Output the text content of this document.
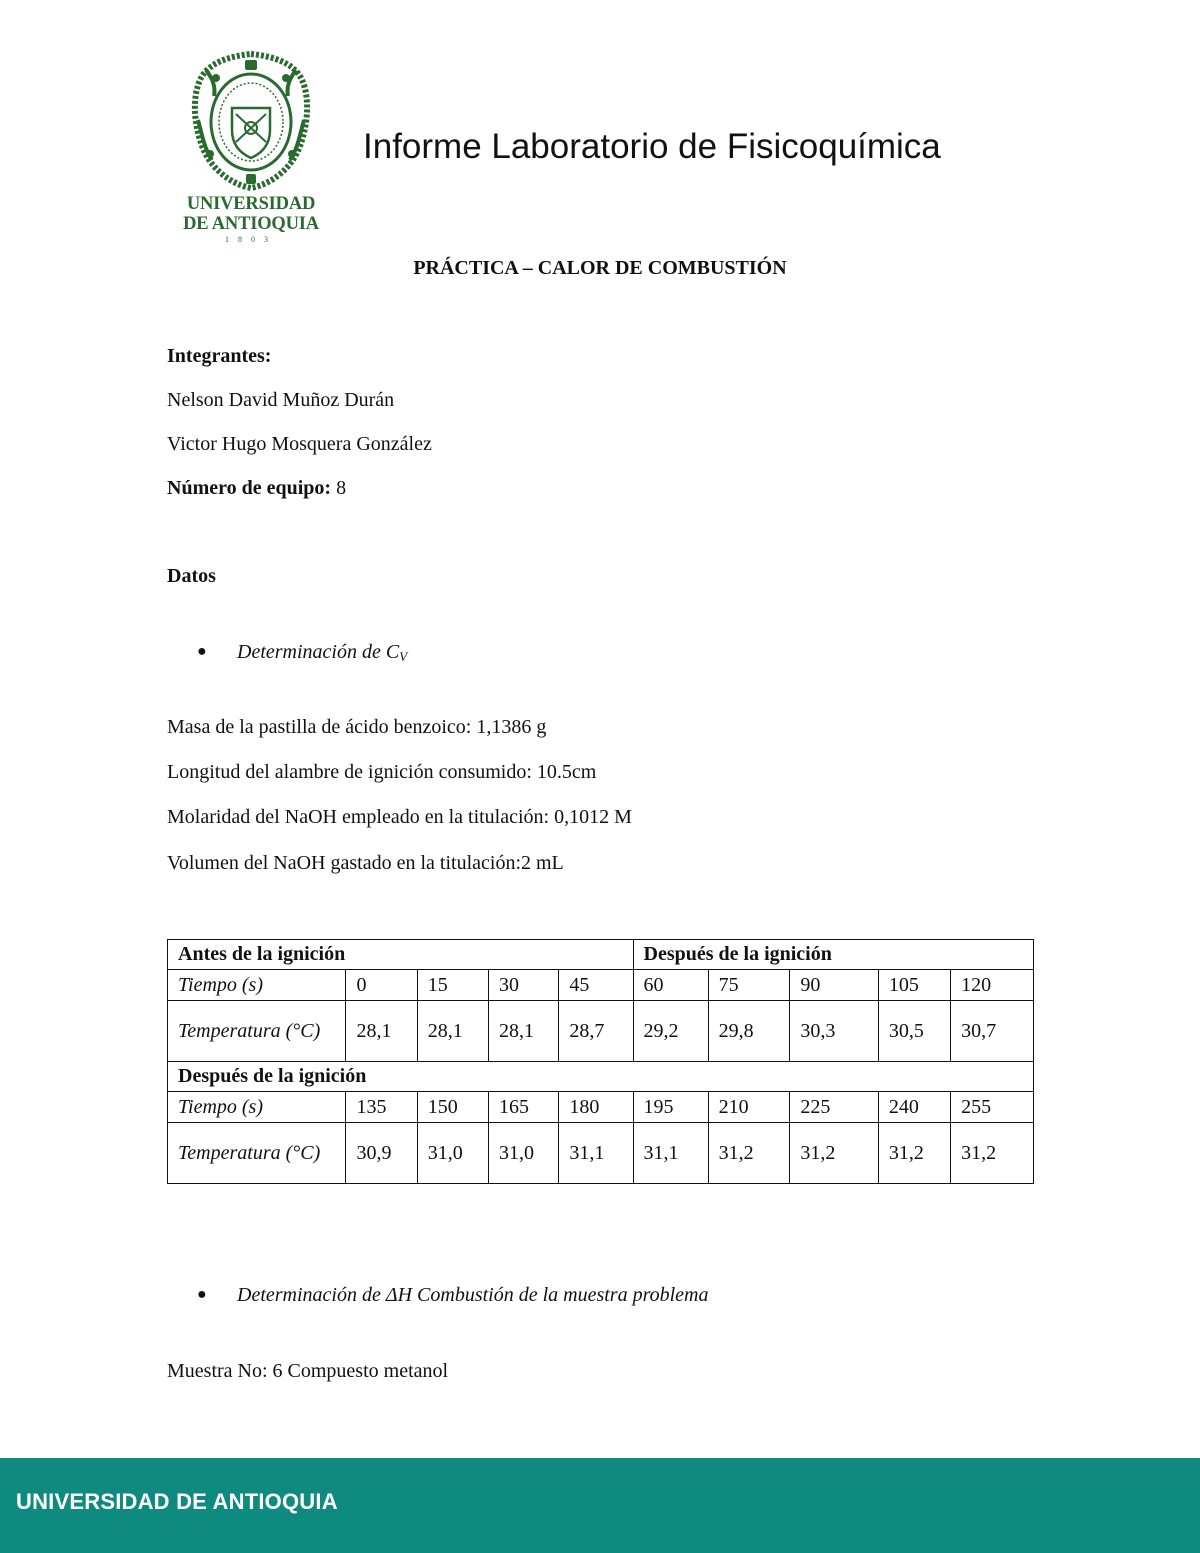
UNIVERSIDAD
DE ANTIOQUIA
1803
Informe Laboratorio de Fisicoquímica
PRÁCTICA – CALOR DE COMBUSTIÓN
Integrantes:
Nelson David Muñoz Durán
Victor Hugo Mosquera González
Número de equipo: 8
Datos
● Determinación de $C_V$
Masa de la pastilla de ácido benzoico: 1,1386 g
Longitud del alambre de ignición consumido: 10.5cm
Molaridad del NaOH empleado en la titulación: 0,1012 M
Volumen del NaOH gastado en la titulación:2 mL
Antes de la ignición					Después de la ignición				
Tiempo (s)	0	15	30	45	60	75	90	105	120
Temperatura (°C)	28,1	28,1	28,1	28,7	29,2	29,8	30,3	30,5	30,7
Después de la ignición									
Tiempo (s)	135	150	165	180	195	210	225	240	255
Temperatura (°C)	30,9	31,0	31,0	31,1	31,1	31,2	31,2	31,2	31,2
● Determinación de ΔH Combustión de la muestra problema
Muestra No: 6 Compuesto metanol
UNIVERSIDAD DE ANTIOQUIA
